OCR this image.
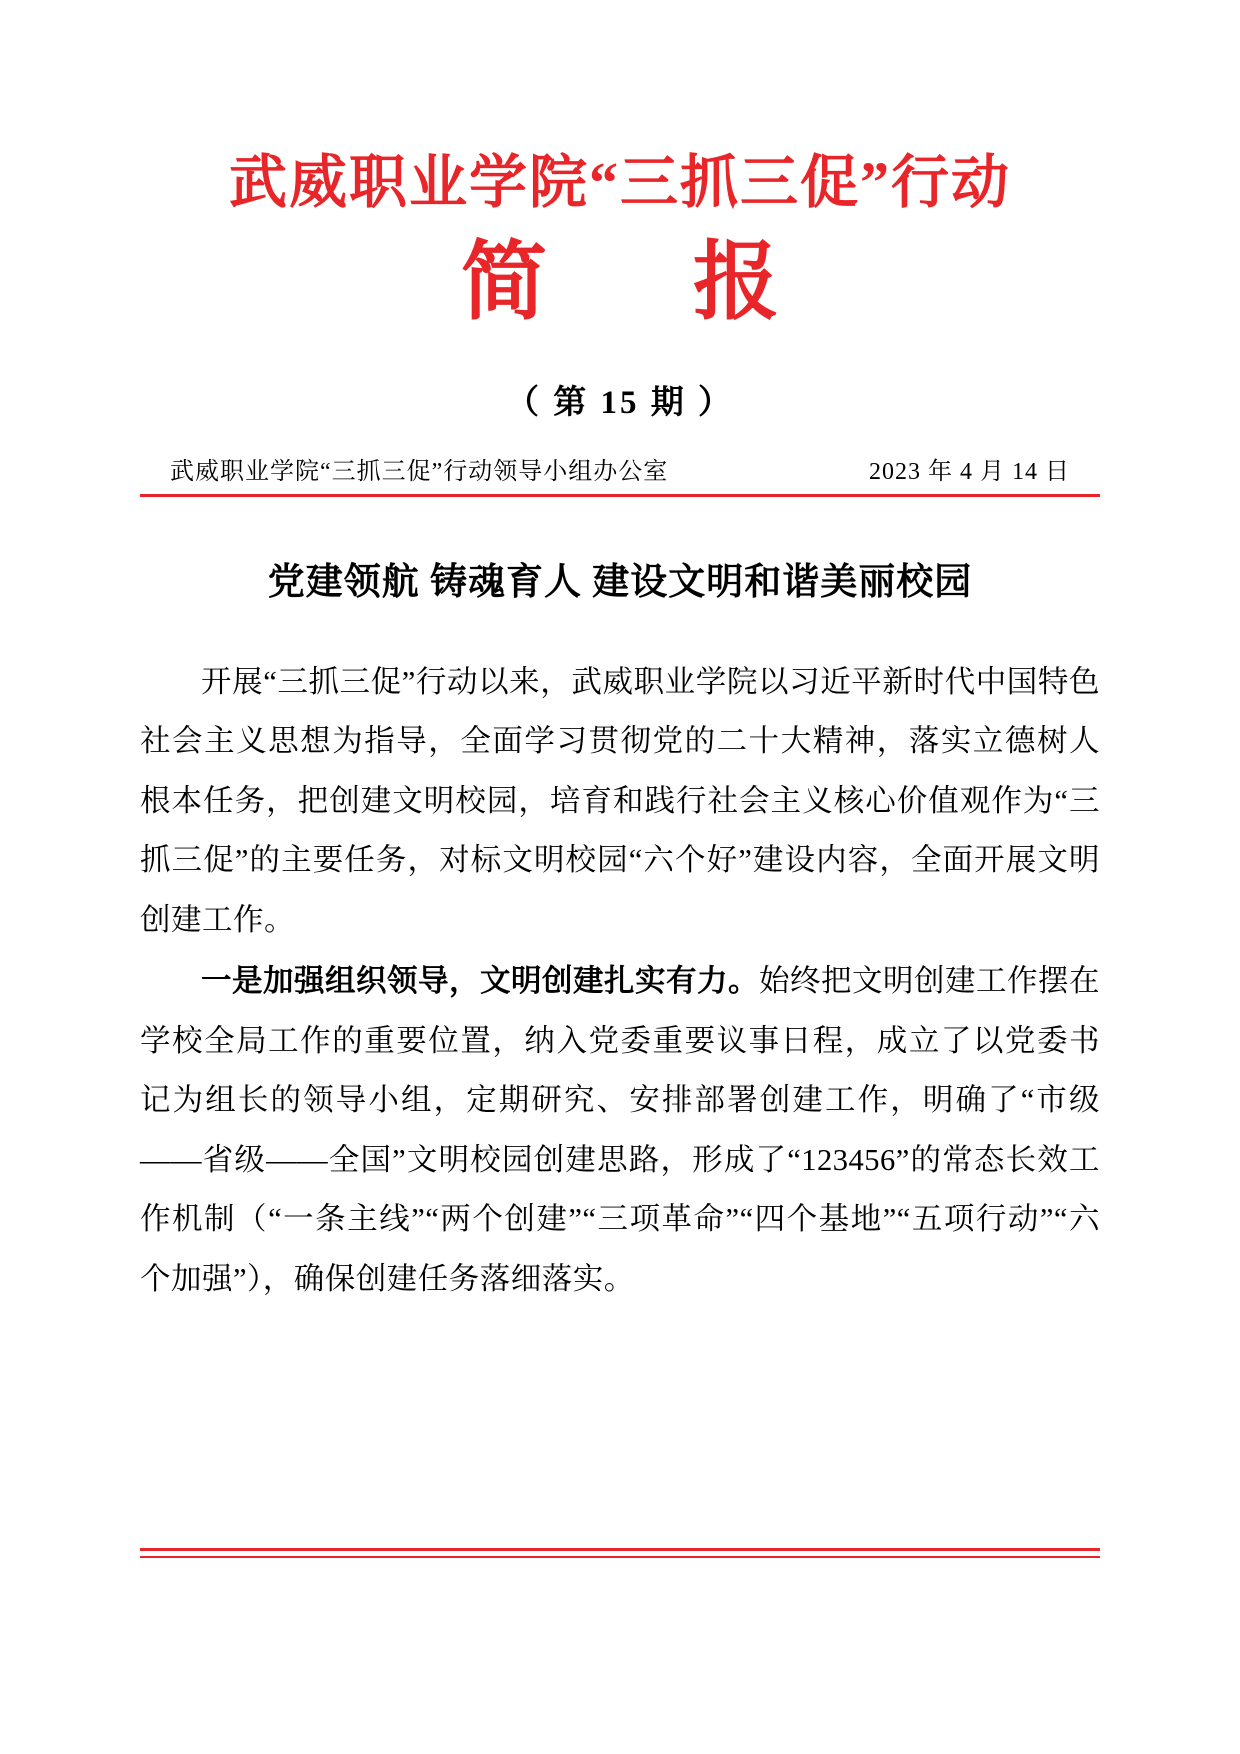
武威职业学院“三抓三促”行动
简　报
（ 第 15 期 ）
武威职业学院“三抓三促”行动领导小组办公室	2023 年 4 月 14 日
党建领航 铸魂育人 建设文明和谐美丽校园

开展“三抓三促”行动以来，武威职业学院以习近平新时代中国特色社会主义思想为指导，全面学习贯彻党的二十大精神，落实立德树人根本任务，把创建文明校园，培育和践行社会主义核心价值观作为“三抓三促”的主要任务，对标文明校园“六个好”建设内容，全面开展文明创建工作。

一是加强组织领导，文明创建扎实有力。始终把文明创建工作摆在学校全局工作的重要位置，纳入党委重要议事日程，成立了以党委书记为组长的领导小组，定期研究、安排部署创建工作，明确了“市级——省级——全国”文明校园创建思路，形成了“123456”的常态长效工作机制（“一条主线”“两个创建”“三项革命”“四个基地”“五项行动”“六个加强”），确保创建任务落细落实。
